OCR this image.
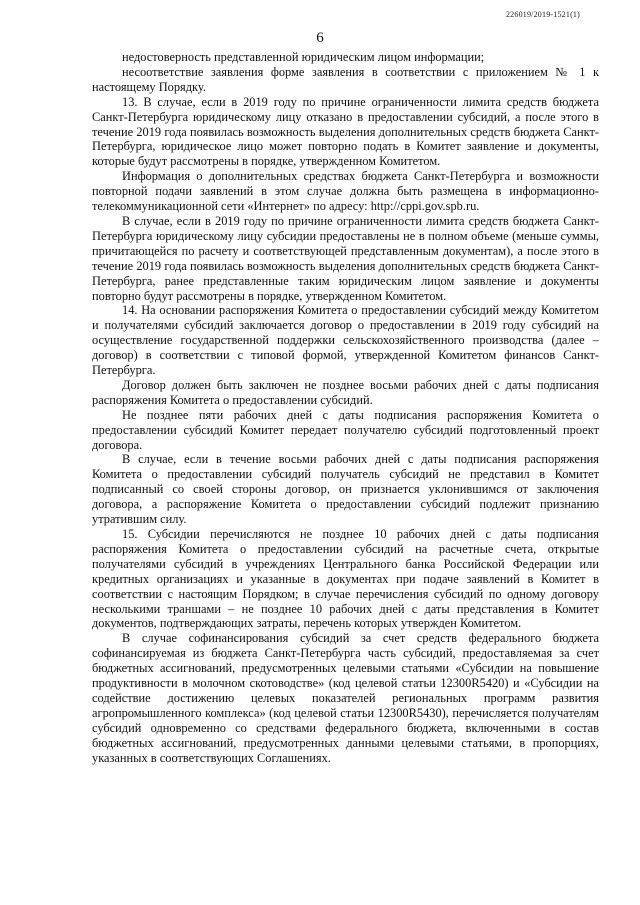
226019/2019-1521(1)
6

недостоверность представленной юридическим лицом информации;

несоответствие заявления форме заявления в соответствии с приложением № 1 к настоящему Порядку.

13. В случае, если в 2019 году по причине ограниченности лимита средств бюджета Санкт-Петербурга юридическому лицу отказано в предоставлении субсидий, а после этого в течение 2019 года появилась возможность выделения дополнительных средств бюджета Санкт-Петербурга, юридическое лицо может повторно подать в Комитет заявление и документы, которые будут рассмотрены в порядке, утвержденном Комитетом.

Информация о дополнительных средствах бюджета Санкт-Петербурга и возможности повторной подачи заявлений в этом случае должна быть размещена в информационно-телекоммуникационной сети «Интернет» по адресу: http://cppi.gov.spb.ru.

В случае, если в 2019 году по причине ограниченности лимита средств бюджета Санкт-Петербурга юридическому лицу субсидии предоставлены не в полном объеме (меньше суммы, причитающейся по расчету и соответствующей представленным документам), а после этого в течение 2019 года появилась возможность выделения дополнительных средств бюджета Санкт-Петербурга, ранее представленные таким юридическим лицом заявление и документы повторно будут рассмотрены в порядке, утвержденном Комитетом.

14. На основании распоряжения Комитета о предоставлении субсидий между Комитетом и получателями субсидий заключается договор о предоставлении в 2019 году субсидий на осуществление государственной поддержки сельскохозяйственного производства (далее – договор) в соответствии с типовой формой, утвержденной Комитетом финансов Санкт-Петербурга.

Договор должен быть заключен не позднее восьми рабочих дней с даты подписания распоряжения Комитета о предоставлении субсидий.

Не позднее пяти рабочих дней с даты подписания распоряжения Комитета о предоставлении субсидий Комитет передает получателю субсидий подготовленный проект договора.

В случае, если в течение восьми рабочих дней с даты подписания распоряжения Комитета о предоставлении субсидий получатель субсидий не представил в Комитет подписанный со своей стороны договор, он признается уклонившимся от заключения договора, а распоряжение Комитета о предоставлении субсидий подлежит признанию утратившим силу.

15. Субсидии перечисляются не позднее 10 рабочих дней с даты подписания распоряжения Комитета о предоставлении субсидий на расчетные счета, открытые получателями субсидий в учреждениях Центрального банка Российской Федерации или кредитных организациях и указанные в документах при подаче заявлений в Комитет в соответствии с настоящим Порядком; в случае перечисления субсидий по одному договору несколькими траншами – не позднее 10 рабочих дней с даты представления в Комитет документов, подтверждающих затраты, перечень которых утвержден Комитетом.

В случае софинансирования субсидий за счет средств федерального бюджета софинансируемая из бюджета Санкт-Петербурга часть субсидий, предоставляемая за счет бюджетных ассигнований, предусмотренных целевыми статьями «Субсидии на повышение продуктивности в молочном скотоводстве» (код целевой статьи 12300R5420) и «Субсидии на содействие достижению целевых показателей региональных программ развития агропромышленного комплекса» (код целевой статьи 12300R5430), перечисляется получателям субсидий одновременно со средствами федерального бюджета, включенными в состав бюджетных ассигнований, предусмотренных данными целевыми статьями, в пропорциях, указанных в соответствующих Соглашениях.
